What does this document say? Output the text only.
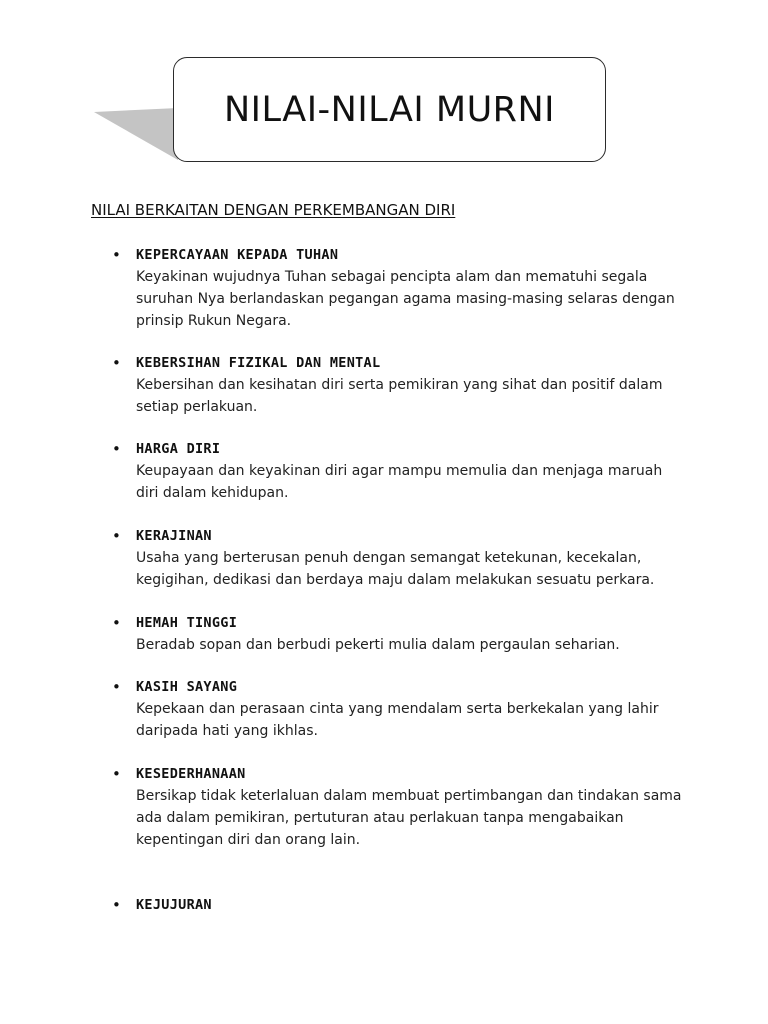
NILAI-NILAI MURNI
NILAI BERKAITAN DENGAN PERKEMBANGAN DIRI
• KEPERCAYAAN KEPADA TUHAN
Keyakinan wujudnya Tuhan sebagai pencipta alam dan mematuhi segala
suruhan Nya berlandaskan pegangan agama masing-masing selaras dengan
prinsip Rukun Negara.
• KEBERSIHAN FIZIKAL DAN MENTAL
Kebersihan dan kesihatan diri serta pemikiran yang sihat dan positif dalam
setiap perlakuan.
• HARGA DIRI
Keupayaan dan keyakinan diri agar mampu memulia dan menjaga maruah
diri dalam kehidupan.
• KERAJINAN
Usaha yang berterusan penuh dengan semangat ketekunan, kecekalan,
kegigihan, dedikasi dan berdaya maju dalam melakukan sesuatu perkara.
• HEMAH TINGGI
Beradab sopan dan berbudi pekerti mulia dalam pergaulan seharian.
• KASIH SAYANG
Kepekaan dan perasaan cinta yang mendalam serta berkekalan yang lahir
daripada hati yang ikhlas.
• KESEDERHANAAN
Bersikap tidak keterlaluan dalam membuat pertimbangan dan tindakan sama
ada dalam pemikiran, pertuturan atau perlakuan tanpa mengabaikan
kepentingan diri dan orang lain.
• KEJUJURAN
